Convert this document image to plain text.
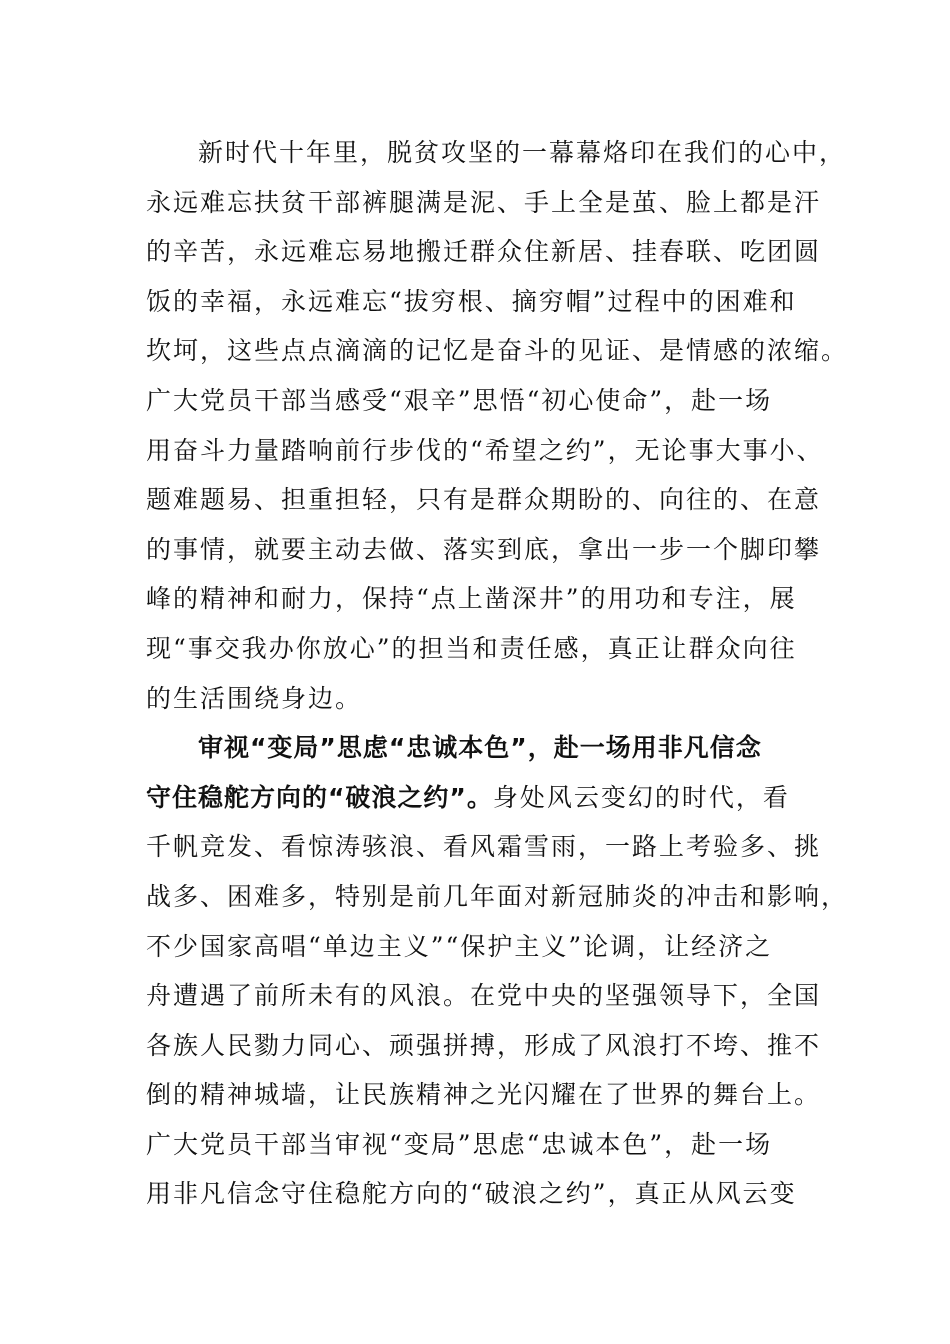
新时代十年里，脱贫攻坚的一幕幕烙印在我们的心中，
永远难忘扶贫干部裤腿满是泥、手上全是茧、脸上都是汗
的辛苦，永远难忘易地搬迁群众住新居、挂春联、吃团圆
饭的幸福，永远难忘“拔穷根、摘穷帽”过程中的困难和
坎坷，这些点点滴滴的记忆是奋斗的见证、是情感的浓缩。
广大党员干部当感受“艰辛”思悟“初心使命”，赴一场
用奋斗力量踏响前行步伐的“希望之约”，无论事大事小、
题难题易、担重担轻，只有是群众期盼的、向往的、在意
的事情，就要主动去做、落实到底，拿出一步一个脚印攀
峰的精神和耐力，保持“点上凿深井”的用功和专注，展
现“事交我办你放心”的担当和责任感，真正让群众向往
的生活围绕身边。
审视“变局”思虑“忠诚本色”，赴一场用非凡信念
守住稳舵方向的“破浪之约”。身处风云变幻的时代，看
千帆竞发、看惊涛骇浪、看风霜雪雨，一路上考验多、挑
战多、困难多，特别是前几年面对新冠肺炎的冲击和影响，
不少国家高唱“单边主义”“保护主义”论调，让经济之
舟遭遇了前所未有的风浪。在党中央的坚强领导下，全国
各族人民勠力同心、顽强拼搏，形成了风浪打不垮、推不
倒的精神城墙，让民族精神之光闪耀在了世界的舞台上。
广大党员干部当审视“变局”思虑“忠诚本色”，赴一场
用非凡信念守住稳舵方向的“破浪之约”，真正从风云变
